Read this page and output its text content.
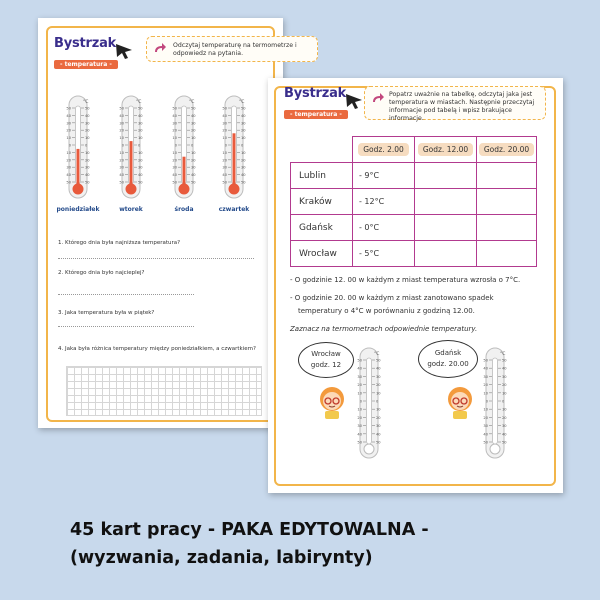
Bystrzak
- temperatura -
Odczytaj temperaturę na termometrze i odpowiedz na pytania.
°C
50	50
40	40
30	30
20	20
10	10
0	0
10	10
20	20
30	30
40	40
50	50
poniedziałek
°C
50	50
40	40
30	30
20	20
10	10
0	0
10	10
20	20
30	30
40	40
50	50
wtorek
°C
50	50
40	40
30	30
20	20
10	10
0	0
10	10
20	20
30	30
40	40
50	50
środa
°C
50	50
40	40
30	30
20	20
10	10
0	0
10	10
20	20
30	30
40	40
50	50
czwartek
1. Którego dnia była najniższa temperatura?
2. Którego dnia było najcieplej?
3. Jaka temperatura była w piątek?
4. Jaka była różnica temperatury między poniedziałkiem, a czwartkiem?
Bystrzak
- temperatura -
Popatrz uważnie na tabelkę, odczytaj jaka jest temperatura w miastach. Następnie przeczytaj informacje pod tabelą i wpisz brakujące informacje.
	Godz. 2.00	Godz. 12.00	Godz. 20.00
Lublin	- 9°C		
Kraków	- 12°C		
Gdańsk	- 0°C		
Wrocław	- 5°C		
- O godzinie 12. 00 w każdym z miast temperatura wzrosła o 7°C.
- O godzinie 20. 00 w każdym z miast zanotowano spadek
temperatury o 4°C w porównaniu z godziną 12.00.
Zaznacz na termometrach odpowiednie temperatury.
Wrocław
godz. 12
Gdańsk
godz. 20.00
°C
50	50
40	40
30	30
20	20
10	10
0	0
10	10
20	20
30	30
40	40
50	50
°C
50	50
40	40
30	30
20	20
10	10
0	0
10	10
20	20
30	30
40	40
50	50
45 kart pracy - PAKA EDYTOWALNA -
(wyzwania, zadania, labirynty)
